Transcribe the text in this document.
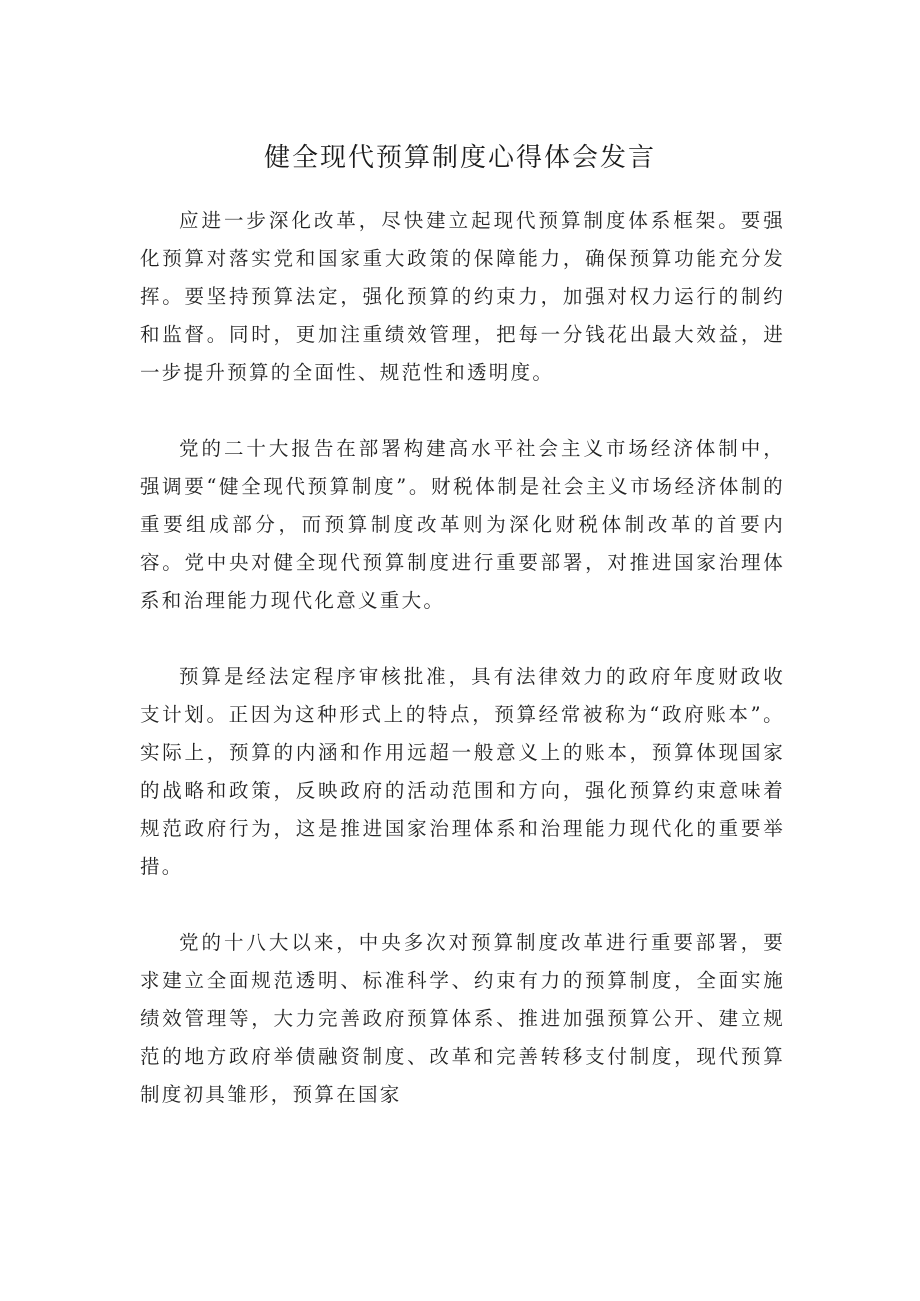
健全现代预算制度心得体会发言

应进一步深化改革，尽快建立起现代预算制度体系框架。要强化预算对落实党和国家重大政策的保障能力，确保预算功能充分发挥。要坚持预算法定，强化预算的约束力，加强对权力运行的制约和监督。同时，更加注重绩效管理，把每一分钱花出最大效益，进一步提升预算的全面性、规范性和透明度。

党的二十大报告在部署构建高水平社会主义市场经济体制中，强调要“健全现代预算制度”。财税体制是社会主义市场经济体制的重要组成部分，而预算制度改革则为深化财税体制改革的首要内容。党中央对健全现代预算制度进行重要部署，对推进国家治理体系和治理能力现代化意义重大。

预算是经法定程序审核批准，具有法律效力的政府年度财政收支计划。正因为这种形式上的特点，预算经常被称为“政府账本”。实际上，预算的内涵和作用远超一般意义上的账本，预算体现国家的战略和政策，反映政府的活动范围和方向，强化预算约束意味着规范政府行为，这是推进国家治理体系和治理能力现代化的重要举措。

党的十八大以来，中央多次对预算制度改革进行重要部署，要求建立全面规范透明、标准科学、约束有力的预算制度，全面实施绩效管理等，大力完善政府预算体系、推进加强预算公开、建立规范的地方政府举债融资制度、改革和完善转移支付制度，现代预算制度初具雏形，预算在国家
